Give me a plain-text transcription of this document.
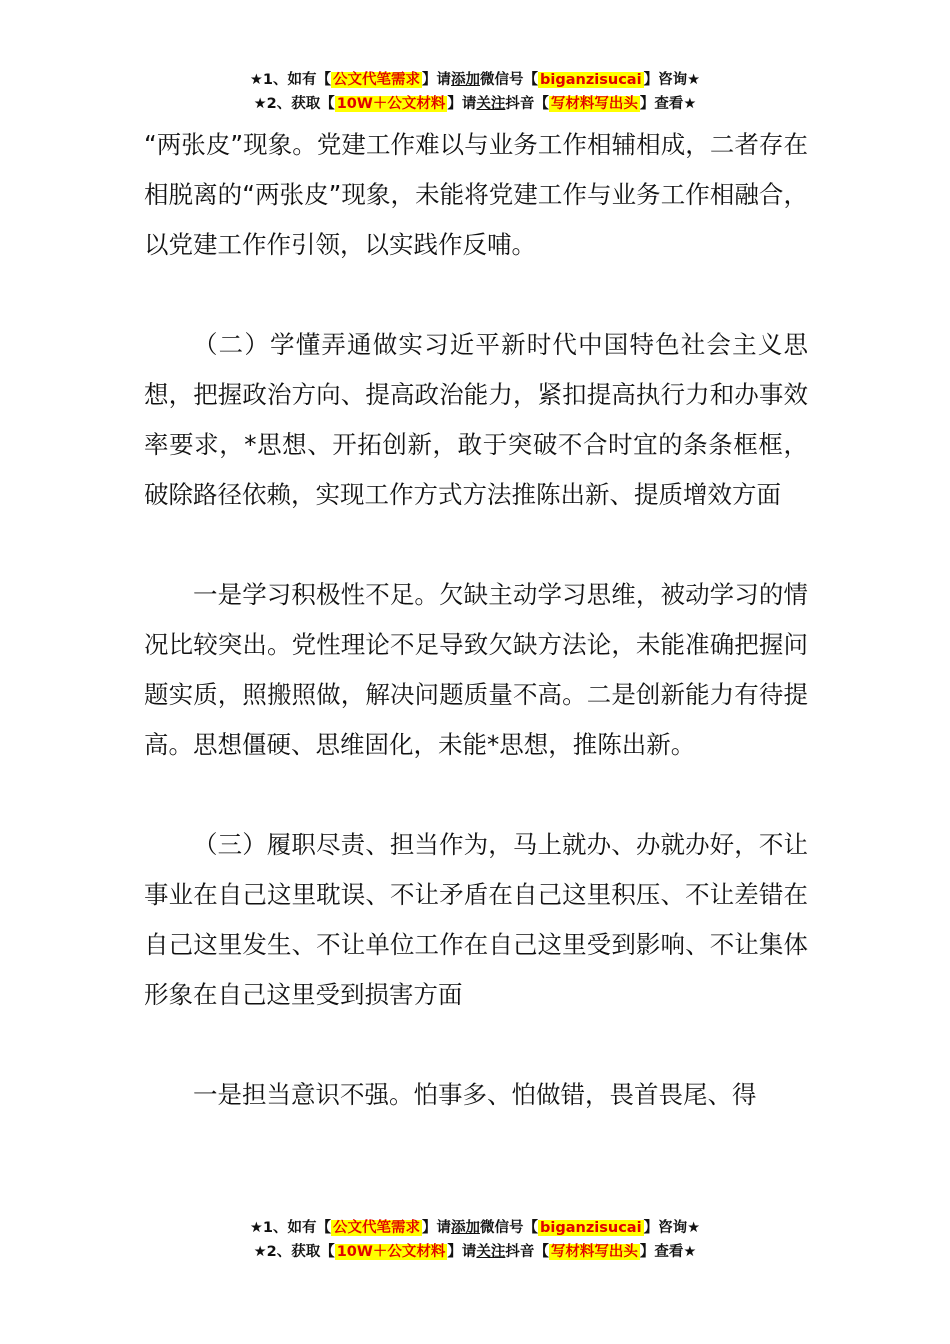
★1、如有【 公文代笔需求 】请添加微信号【 biganzisucai 】咨询★
★2、获取【 10W＋公文材料 】请关注抖音【 写材料写出头 】查看★

“两张皮”现象。党建工作难以与业务工作相辅相成，二者存在相脱离的“两张皮”现象，未能将党建工作与业务工作相融合，以党建工作作引领，以实践作反哺。

（二）学懂弄通做实习近平新时代中国特色社会主义思想，把握政治方向、提高政治能力，紧扣提高执行力和办事效率要求，*思想、开拓创新，敢于突破不合时宜的条条框框，破除路径依赖，实现工作方式方法推陈出新、提质增效方面

一是学习积极性不足。欠缺主动学习思维，被动学习的情况比较突出。党性理论不足导致欠缺方法论，未能准确把握问题实质，照搬照做，解决问题质量不高。二是创新能力有待提高。思想僵硬、思维固化，未能*思想，推陈出新。

（三）履职尽责、担当作为，马上就办、办就办好，不让事业在自己这里耽误、不让矛盾在自己这里积压、不让差错在自己这里发生、不让单位工作在自己这里受到影响、不让集体形象在自己这里受到损害方面

一是担当意识不强。怕事多、怕做错，畏首畏尾、得

★1、如有【 公文代笔需求 】请添加微信号【 biganzisucai 】咨询★
★2、获取【 10W＋公文材料 】请关注抖音【 写材料写出头 】查看★
